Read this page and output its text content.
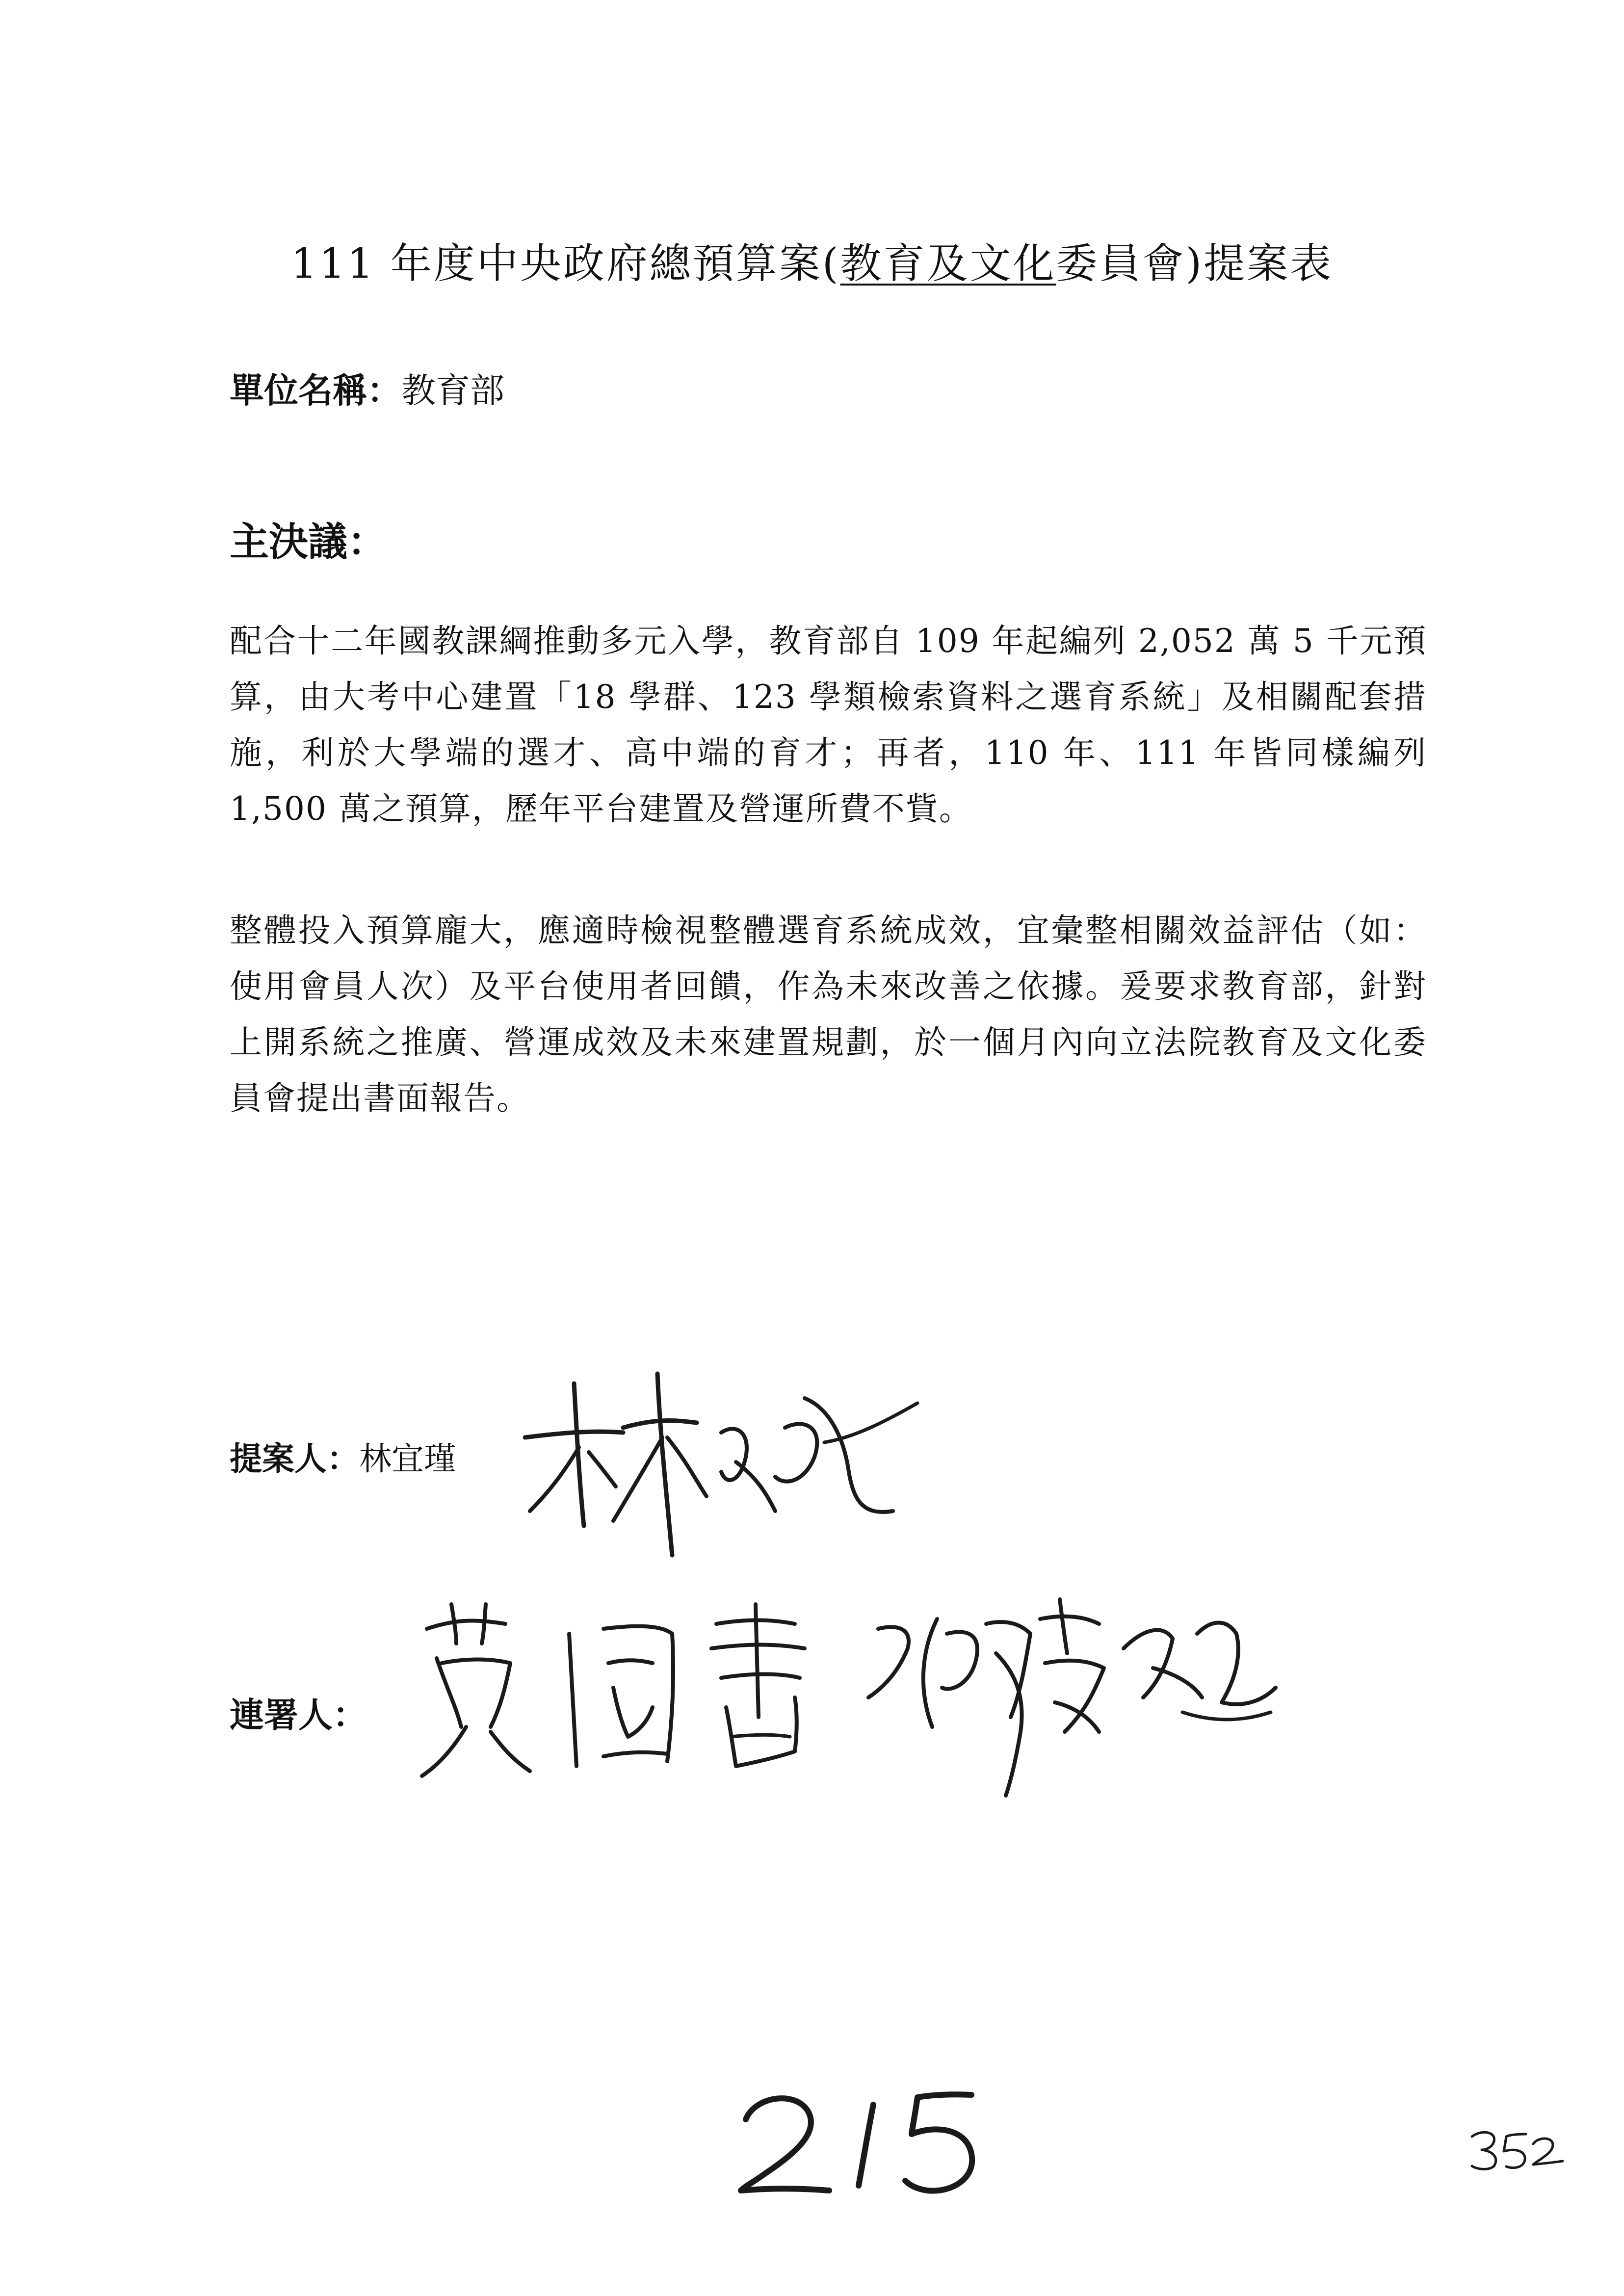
111 年度中央政府總預算案(教育及文化委員會)提案表
單位名稱：教育部
主決議：

配合十二年國教課綱推動多元入學，教育部自 109 年起編列 2,052 萬 5 千元預算，由大考中心建置「18 學群、123 學類檢索資料之選育系統」及相關配套措施，利於大學端的選才、高中端的育才；再者，110 年、111 年皆同樣編列 1,500 萬之預算，歷年平台建置及營運所費不貲。

整體投入預算龐大，應適時檢視整體選育系統成效，宜彙整相關效益評估（如：使用會員人次）及平台使用者回饋，作為未來改善之依據。爰要求教育部，針對上開系統之推廣、營運成效及未來建置規劃，於一個月內向立法院教育及文化委員會提出書面報告。

提案人：林宜瑾
連署人：
